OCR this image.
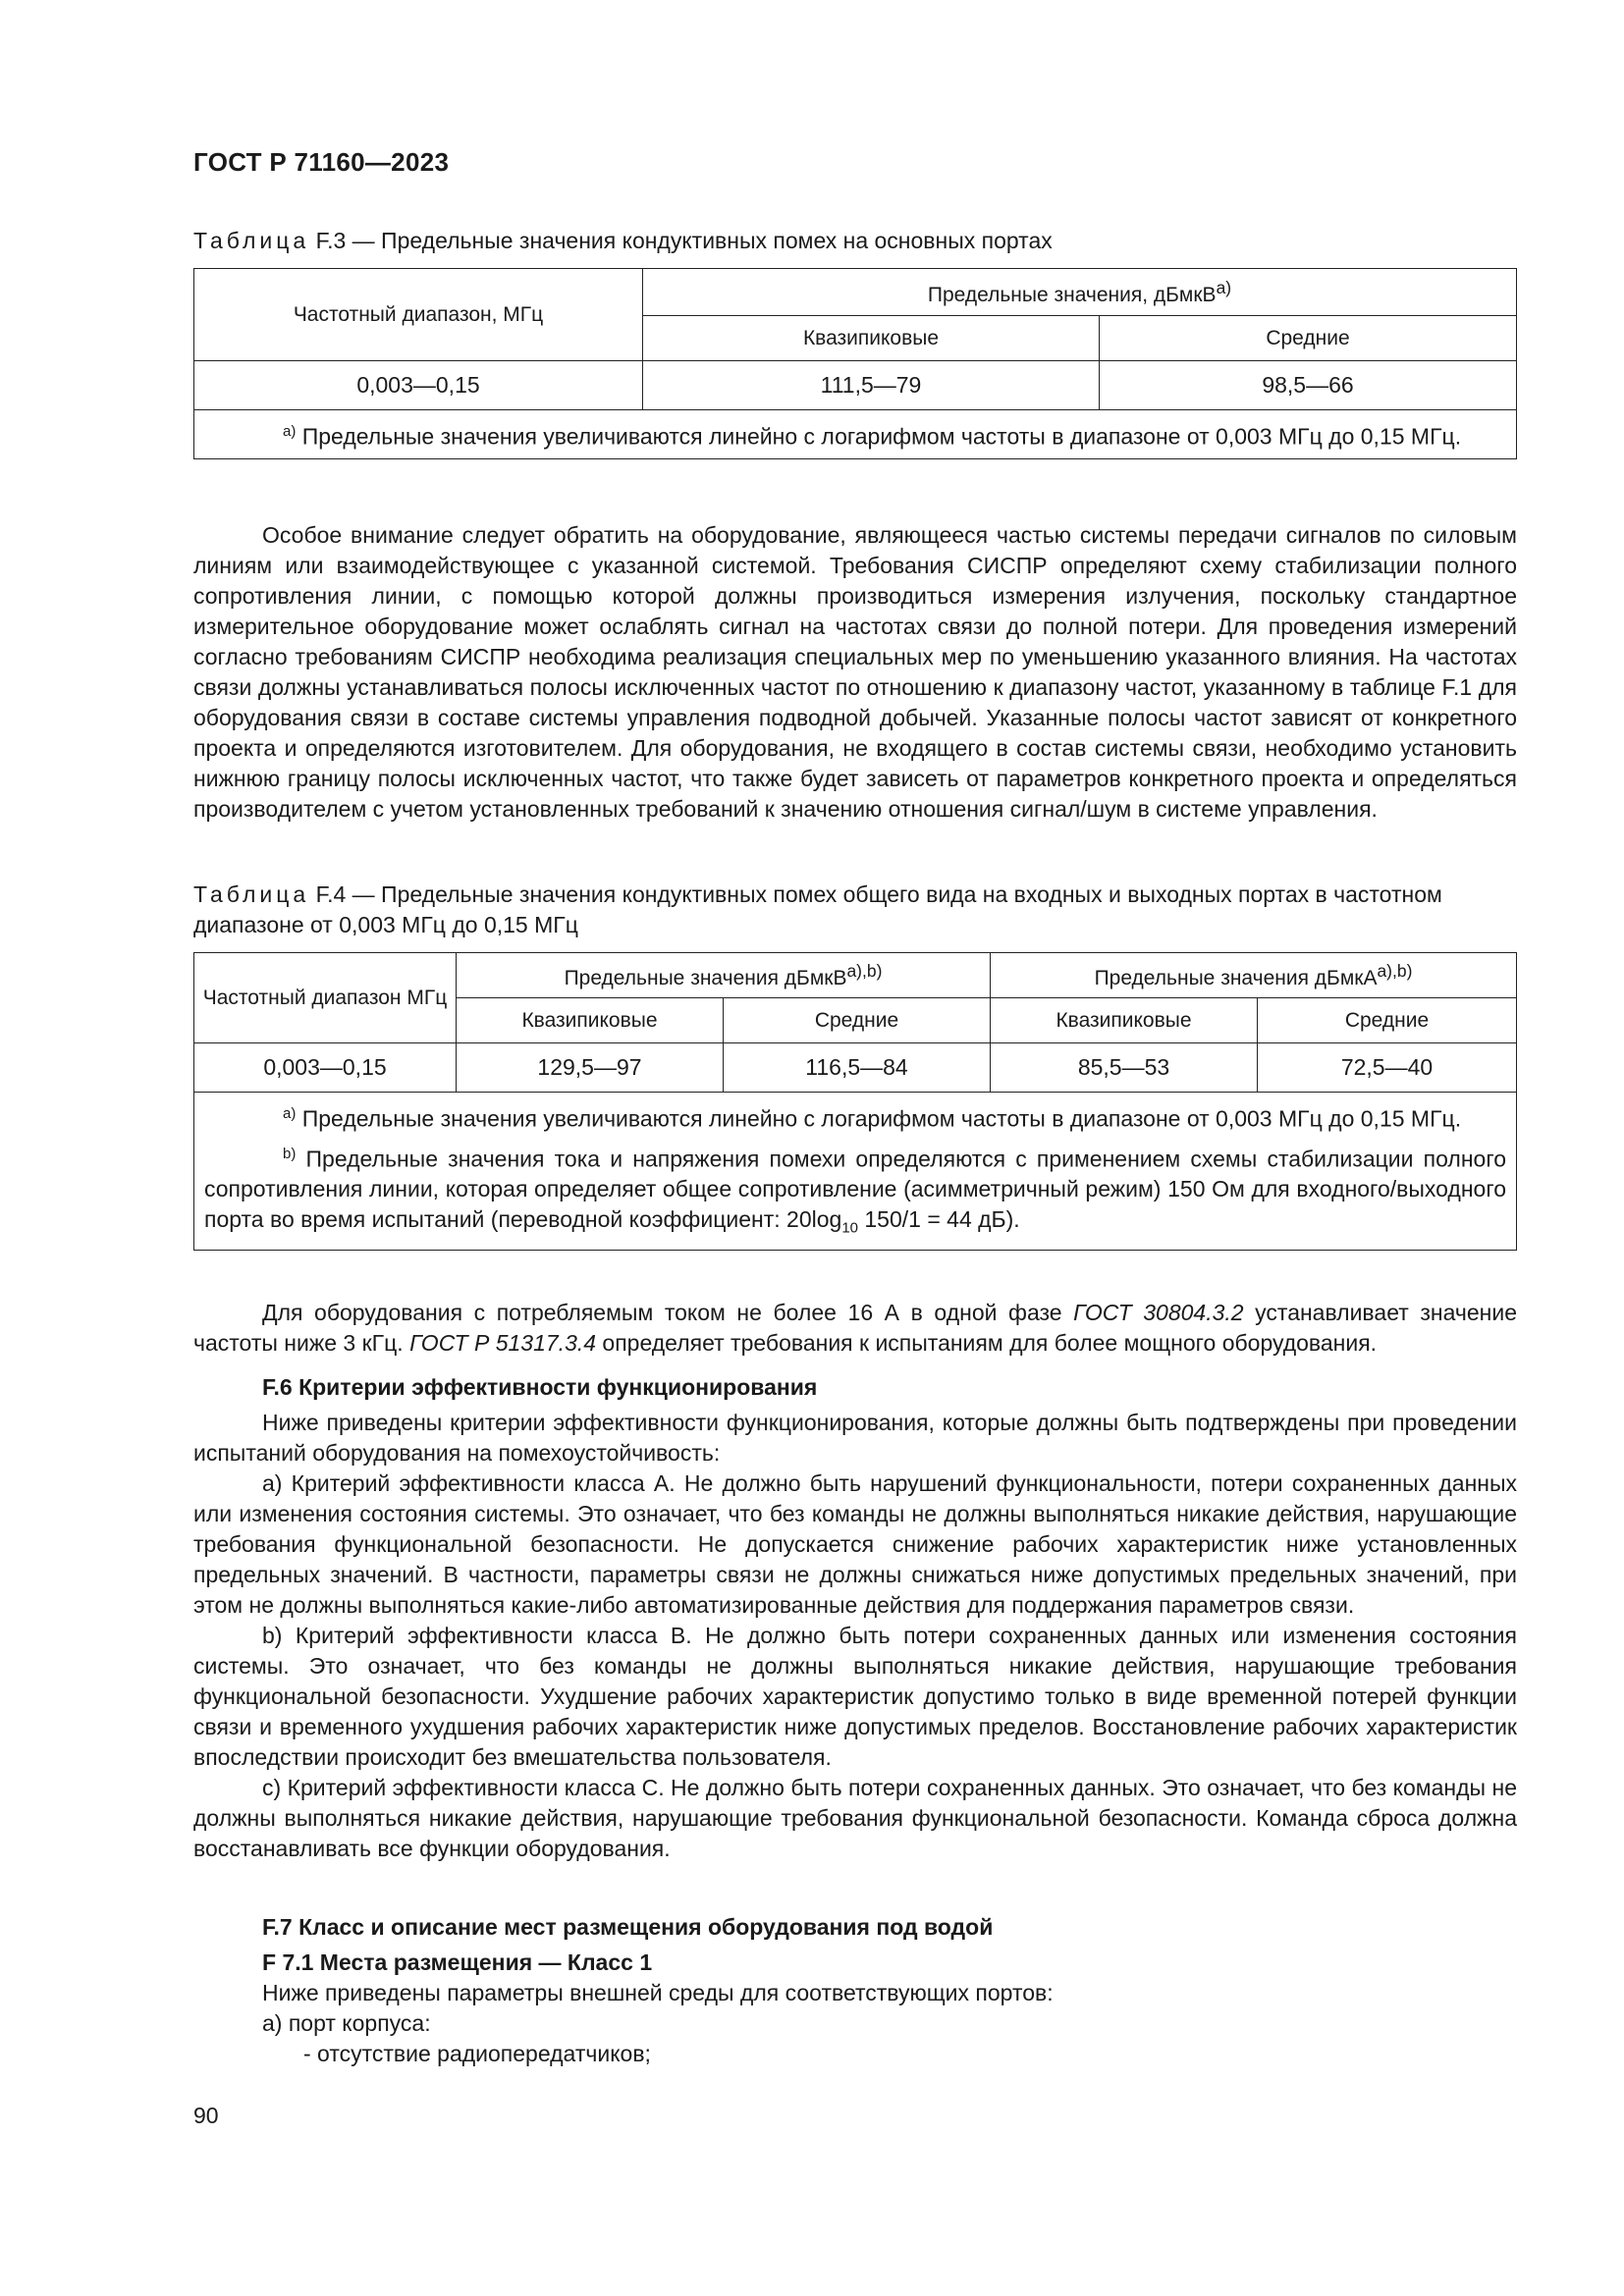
ГОСТ Р 71160—2023

Таблица F.3 — Предельные значения кондуктивных помех на основных портах

Частотный диапазон, МГц	Предельные значения, дБмкВ$^{а)}$
	Квазипиковые	Средние
0,003—0,15	111,5—79	98,5—66

$^{а)}$ Предельные значения увеличиваются линейно с логарифмом частоты в диапазоне от 0,003 МГц до 0,15 МГц.		

Особое внимание следует обратить на оборудование, являющееся частью системы передачи сигналов по силовым линиям или взаимодействующее с указанной системой. Требования СИСПР определяют схему стабилизации полного сопротивления линии, с помощью которой должны производиться измерения излучения, поскольку стандартное измерительное оборудование может ослаблять сигнал на частотах связи до полной потери. Для проведения измерений согласно требованиям СИСПР необходима реализация специальных мер по уменьшению указанного влияния. На частотах связи должны устанавливаться полосы исключенных частот по отношению к диапазону частот, указанному в таблице F.1 для оборудования связи в составе системы управления подводной добычей. Указанные полосы частот зависят от конкретного проекта и определяются изготовителем. Для оборудования, не входящего в состав системы связи, необходимо установить нижнюю границу полосы исключенных частот, что также будет зависеть от параметров конкретного проекта и определяться производителем с учетом установленных требований к значению отношения сигнал/шум в системе управления.

Таблица F.4 — Предельные значения кондуктивных помех общего вида на входных и выходных портах в частотном диапазоне от 0,003 МГц до 0,15 МГц

Частотный диапазон МГц	Предельные значения дБмкВ$^{а),b)}$		Предельные значения дБмкА$^{а),b)}$
	Квазипиковые	Средние	Квазипиковые	Средние
0,003—0,15	129,5—97	116,5—84	85,5—53	72,5—40

$^{а)}$ Предельные значения увеличиваются линейно с логарифмом частоты в диапазоне от 0,003 МГц до 0,15 МГц.

$^{b)}$ Предельные значения тока и напряжения помехи определяются с применением схемы стабилизации полного сопротивления линии, которая определяет общее сопротивление (асимметричный режим) 150 Ом для входного/выходного порта во время испытаний (переводной коэффициент: $20\log_{10}$ 150/1 = 44 дБ).				

Для оборудования с потребляемым током не более 16 А в одной фазе ГОСТ 30804.3.2 устанавливает значение частоты ниже 3 кГц. ГОСТ Р 51317.3.4 определяет требования к испытаниям для более мощного оборудования.

F.6 Критерии эффективности функционирования

Ниже приведены критерии эффективности функционирования, которые должны быть подтверждены при проведении испытаний оборудования на помехоустойчивость:

a) Критерий эффективности класса А. Не должно быть нарушений функциональности, потери сохраненных данных или изменения состояния системы. Это означает, что без команды не должны выполняться никакие действия, нарушающие требования функциональной безопасности. Не допускается снижение рабочих характеристик ниже установленных предельных значений. В частности, параметры связи не должны снижаться ниже допустимых предельных значений, при этом не должны выполняться какие-либо автоматизированные действия для поддержания параметров связи.

b) Критерий эффективности класса В. Не должно быть потери сохраненных данных или изменения состояния системы. Это означает, что без команды не должны выполняться никакие действия, нарушающие требования функциональной безопасности. Ухудшение рабочих характеристик допустимо только в виде временной потерей функции связи и временного ухудшения рабочих характеристик ниже допустимых пределов. Восстановление рабочих характеристик впоследствии происходит без вмешательства пользователя.

c) Критерий эффективности класса С. Не должно быть потери сохраненных данных. Это означает, что без команды не должны выполняться никакие действия, нарушающие требования функциональной безопасности. Команда сброса должна восстанавливать все функции оборудования.

F.7 Класс и описание мест размещения оборудования под водой

F 7.1 Места размещения — Класс 1

Ниже приведены параметры внешней среды для соответствующих портов:

а) порт корпуса:

- отсутствие радиопередатчиков;

90
